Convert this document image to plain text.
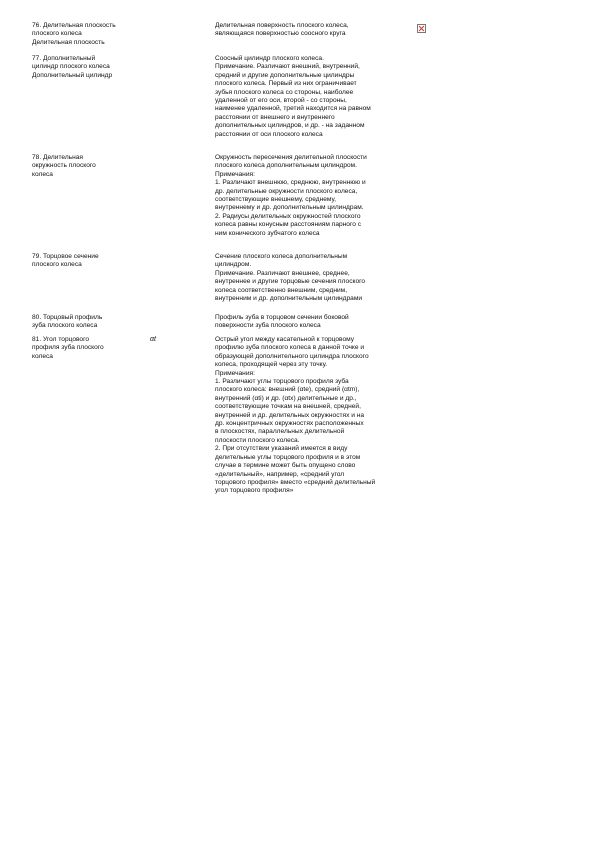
76. Делительная плоскость
плоского колеса
Делительная плоскость
Делительная поверхность плоского колеса,
являющаяся поверхностью соосного круга
77. Дополнительный
цилиндр плоского колеса
Дополнительный цилиндр
Соосный цилиндр плоского колеса.
Примечание. Различают внешний, внутренний,
средний и другие дополнительные цилиндры
плоского колеса. Первый из них ограничивает
зубья плоского колеса со стороны, наиболее
удаленной от его оси, второй - со стороны,
наименее удаленной, третий находится на равном
расстоянии от внешнего и внутреннего
дополнительных цилиндров, и др. - на заданном
расстоянии от оси плоского колеса
78. Делительная
окружность плоского
колеса
Окружность пересечения делительной плоскости
плоского колеса дополнительным цилиндром.
Примечания:
1. Различают внешнюю, среднюю, внутреннюю и
др. делительные окружности плоского колеса,
соответствующие внешнему, среднему,
внутреннему и др. дополнительным цилиндрам.
2. Радиусы делительных окружностей плоского
колеса равны конусным расстояниям парного с
ним конического зубчатого колеса
79. Торцовое сечение
плоского колеса
Сечение плоского колеса дополнительным
цилиндром.
Примечание. Различают внешнее, среднее,
внутреннее и другие торцовые сечения плоского
колеса соответственно внешним, средним,
внутренним и др. дополнительным цилиндрами
80. Торцовый профиль
зуба плоского колеса
Профиль зуба в торцовом сечении боковой
поверхности зуба плоского колеса
81. Угол торцового
профиля зуба плоского
колеса
αt	Острый угол между касательной к торцовому
профилю зуба плоского колеса в данной точке и
образующей дополнительного цилиндра плоского
колеса, проходящей через эту точку.
Примечания:
1. Различают углы торцового профиля зуба
плоского колеса: внешний (αte), средний (αtm),
внутренний (αti) и др. (αtx) делительные и др.,
соответствующие точкам на внешней, средней,
внутренней и др. делительных окружностях и на
др. концентричных окружностях расположенных
в плоскостях, параллельных делительной
плоскости плоского колеса.
2. При отсутствии указаний имеется в виду
делительные углы торцового профиля и в этом
случае в термине может быть опущено слово
«делительный», например, «средний угол
торцового профиля» вместо «средний делительный
угол торцового профиля»
